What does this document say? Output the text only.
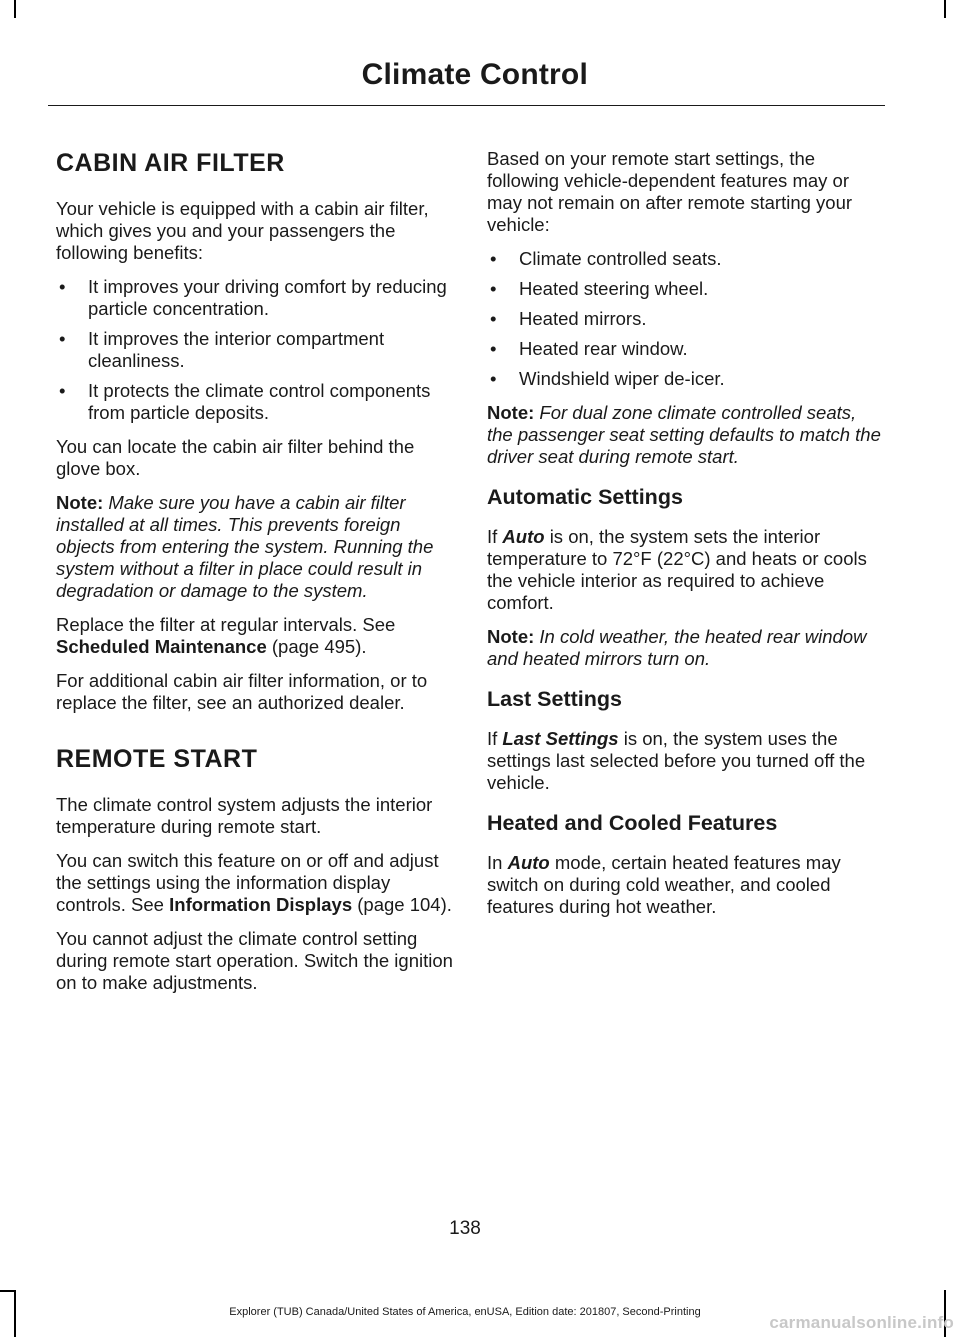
Climate Control
CABIN AIR FILTER

Your vehicle is equipped with a cabin air filter, which gives you and your passengers the following benefits:

• It improves your driving comfort by reducing particle concentration.
• It improves the interior compartment cleanliness.
• It protects the climate control components from particle deposits.

You can locate the cabin air filter behind the glove box.

Note: Make sure you have a cabin air filter installed at all times. This prevents foreign objects from entering the system. Running the system without a filter in place could result in degradation or damage to the system.

Replace the filter at regular intervals. See Scheduled Maintenance (page 495).

For additional cabin air filter information, or to replace the filter, see an authorized dealer.

REMOTE START

The climate control system adjusts the interior temperature during remote start.

You can switch this feature on or off and adjust the settings using the information display controls. See Information Displays (page 104).

You cannot adjust the climate control setting during remote start operation. Switch the ignition on to make adjustments.

Based on your remote start settings, the following vehicle-dependent features may or may not remain on after remote starting your vehicle:

• Climate controlled seats.
• Heated steering wheel.
• Heated mirrors.
• Heated rear window.
• Windshield wiper de-icer.

Note: For dual zone climate controlled seats, the passenger seat setting defaults to match the driver seat during remote start.

Automatic Settings

If Auto is on, the system sets the interior temperature to 72°F (22°C) and heats or cools the vehicle interior as required to achieve comfort.

Note: In cold weather, the heated rear window and heated mirrors turn on.

Last Settings

If Last Settings is on, the system uses the settings last selected before you turned off the vehicle.

Heated and Cooled Features

In Auto mode, certain heated features may switch on during cold weather, and cooled features during hot weather.

138
Explorer (TUB) Canada/United States of America, enUSA, Edition date: 201807, Second-Printing
carmanualsonline.info
